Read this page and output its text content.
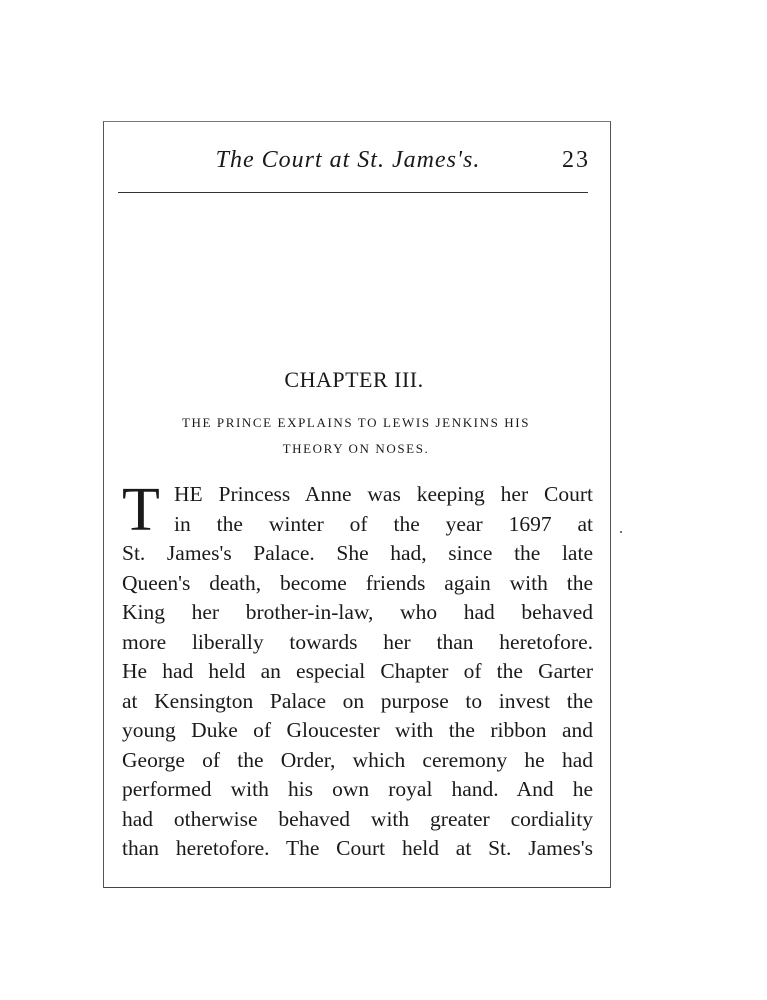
The Court at St. James's.	23
CHAPTER III.
THE PRINCE EXPLAINS TO LEWIS JENKINS HIS
THEORY ON NOSES.
T HE Princess Anne was keeping her Court
in the winter of the year 1697 at
St. James's Palace. She had, since the late
Queen's death, become friends again with the
King her brother-in-law, who had behaved
more liberally towards her than heretofore.
He had held an especial Chapter of the Garter
at Kensington Palace on purpose to invest the
young Duke of Gloucester with the ribbon and
George of the Order, which ceremony he had
performed with his own royal hand. And he
had otherwise behaved with greater cordiality
than heretofore. The Court held at St. James's
